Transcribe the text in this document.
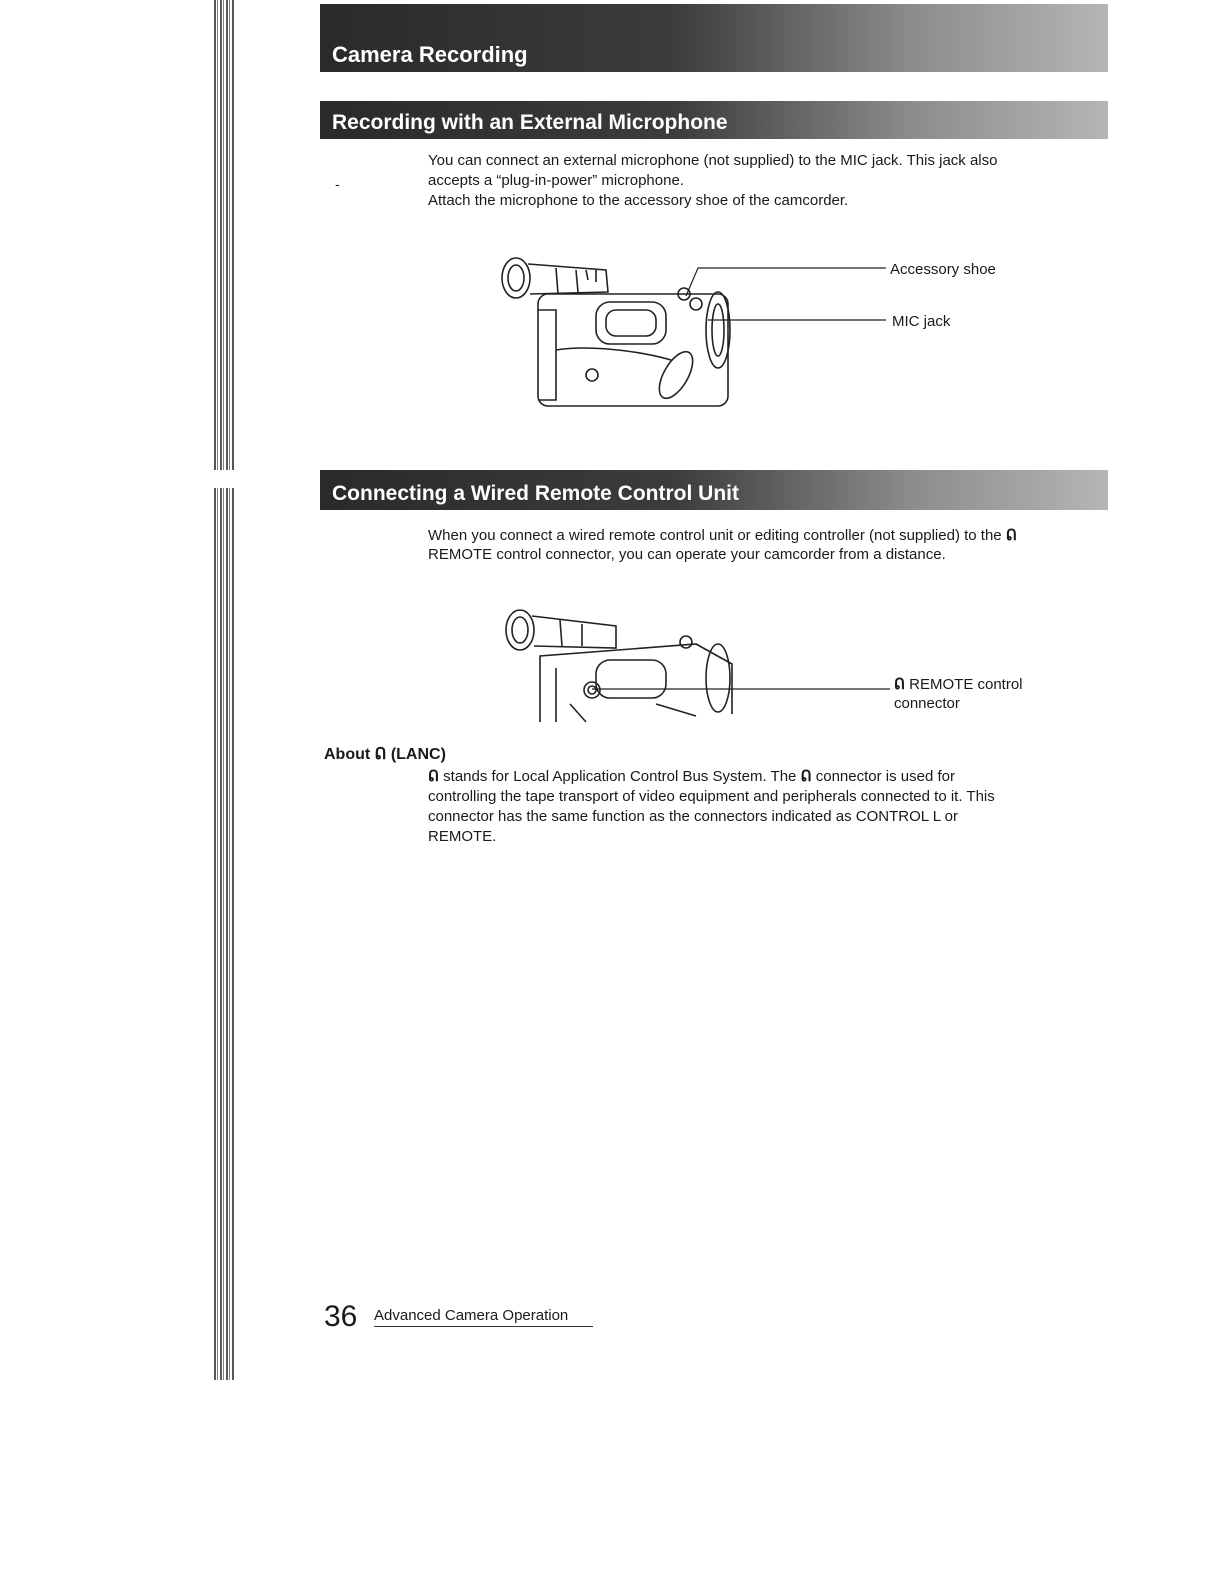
Camera Recording
Recording with an External Microphone
-
You can connect an external microphone (not supplied) to the MIC jack. This jack also
accepts a “plug-in-power” microphone.
Attach the microphone to the accessory shoe of the camcorder.
Accessory shoe
MIC jack
Connecting a Wired Remote Control Unit
When you connect a wired remote control unit or editing controller (not supplied) to the ᕠ
REMOTE control connector, you can operate your camcorder from a distance.
ᕠ REMOTE control
connector
About ᕠ (LANC)
ᕠ stands for Local Application Control Bus System. The ᕠ connector is used for
controlling the tape transport of video equipment and peripherals connected to it. This
connector has the same function as the connectors indicated as CONTROL L or
REMOTE.
36 Advanced Camera Operation
